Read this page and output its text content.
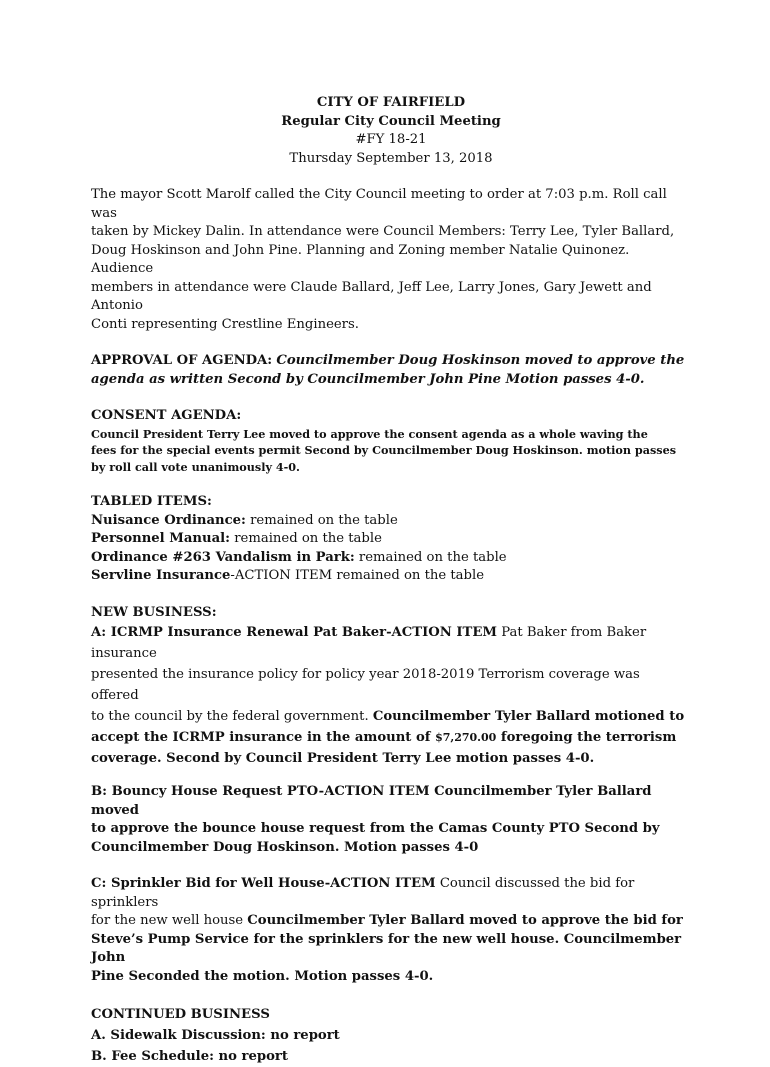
CITY OF FAIRFIELD
Regular City Council Meeting
#FY 18-21
Thursday September 13, 2018

The mayor Scott Marolf called the City Council meeting to order at 7:03 p.m. Roll call was
taken by Mickey Dalin. In attendance were Council Members: Terry Lee, Tyler Ballard,
Doug Hoskinson and John Pine. Planning and Zoning member Natalie Quinonez. Audience
members in attendance were Claude Ballard, Jeff Lee, Larry Jones, Gary Jewett and Antonio
Conti representing Crestline Engineers.

APPROVAL OF AGENDA: Councilmember Doug Hoskinson moved to approve the
agenda as written Second by Councilmember John Pine Motion passes 4-0.

CONSENT AGENDA:

Council President Terry Lee moved to approve the consent agenda as a whole waving the
fees for the special events permit Second by Councilmember Doug Hoskinson. motion passes
by roll call vote unanimously 4-0.

TABLED ITEMS:

Nuisance Ordinance: remained on the table

Personnel Manual: remained on the table

Ordinance #263 Vandalism in Park: remained on the table

Servline Insurance-ACTION ITEM remained on the table

NEW BUSINESS:

A: ICRMP Insurance Renewal Pat Baker-ACTION ITEM Pat Baker from Baker insurance
presented the insurance policy for policy year 2018-2019 Terrorism coverage was offered
to the council by the federal government. Councilmember Tyler Ballard motioned to
accept the ICRMP insurance in the amount of $7,270.00 foregoing the terrorism
coverage. Second by Council President Terry Lee motion passes 4-0.

B: Bouncy House Request PTO-ACTION ITEM Councilmember Tyler Ballard moved
to approve the bounce house request from the Camas County PTO Second by
Councilmember Doug Hoskinson. Motion passes 4-0

C: Sprinkler Bid for Well House-ACTION ITEM Council discussed the bid for sprinklers
for the new well house Councilmember Tyler Ballard moved to approve the bid for
Steve’s Pump Service for the sprinklers for the new well house. Councilmember John
Pine Seconded the motion. Motion passes 4-0.

CONTINUED BUSINESS

A. Sidewalk Discussion: no report

B. Fee Schedule: no report
